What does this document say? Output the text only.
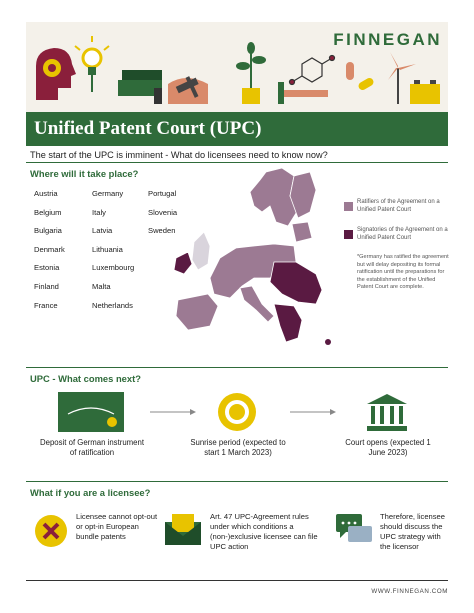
FINNEGAN
Unified Patent Court (UPC)
The start of the UPC is imminent - What do licensees need to know now?
Where will it take place?
Austria
Belgium
Bulgaria
Denmark
Estonia
Finland
France
Germany
Italy
Latvia
Lithuania
Luxembourg
Malta
Netherlands
Portugal
Slovenia
Sweden
Ratifiers of the Agreement on a Unified Patent Court
Signatories of the Agreement on a Unified Patent Court
*Germany has ratified the agreement but will delay depositing its formal ratification until the preparations for the establishment of the Unified Patent Court are complete.
UPC - What comes next?
Deposit of German instrument of ratification
Sunrise period (expected to start 1 March 2023)
Court opens (expected 1 June 2023)
What if you are a licensee?
Licensee cannot opt-out or opt-in European bundle patents
Art. 47 UPC-Agreement rules under which conditions a (non-)exclusive licensee can file UPC action
Therefore, licensee should discuss the UPC strategy with the licensor
WWW.FINNEGAN.COM
